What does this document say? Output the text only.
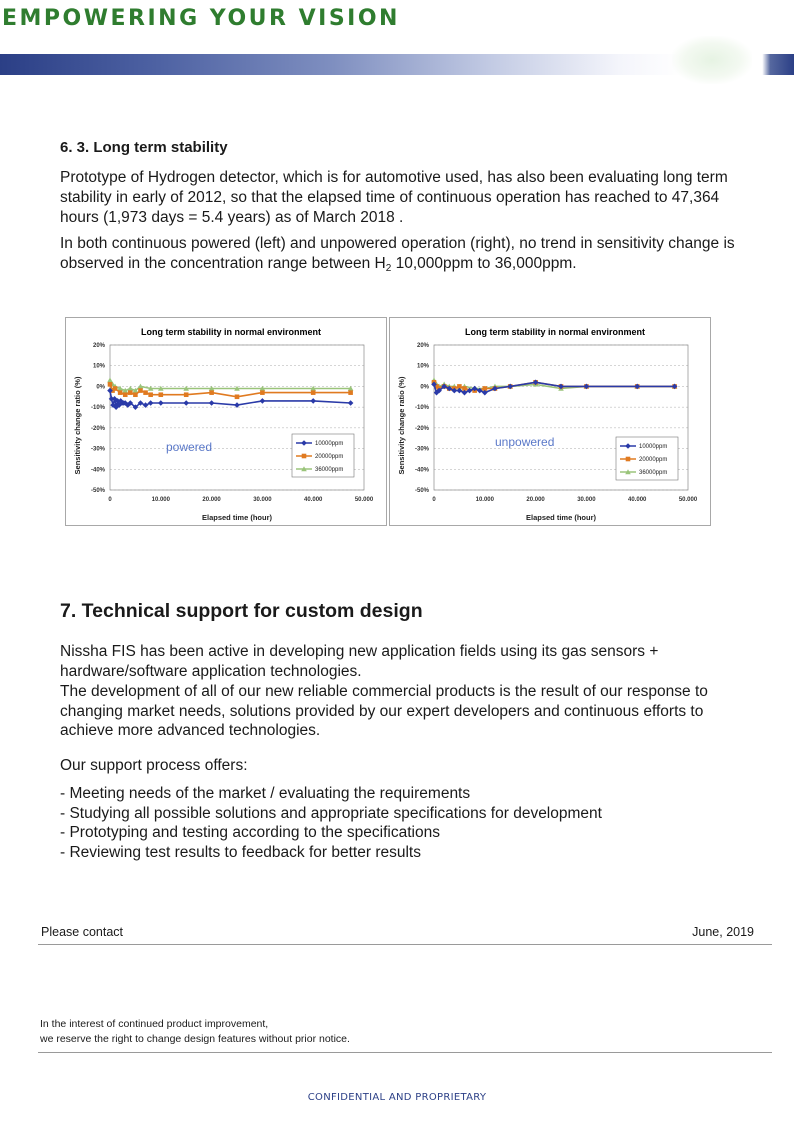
EMPOWERING YOUR VISION
6. 3. Long term stability

Prototype of Hydrogen detector, which is for automotive used, has also been evaluating long term stability in early of 2012, so that the elapsed time of continuous operation has reached to 47,364 hours (1,973 days = 5.4 years) as of March 2018 .

In both continuous powered (left) and unpowered operation (right), no trend in sensitivity change is observed in the concentration range between $H_2$ 10,000ppm to 36,000ppm.

Long term stability in normal environment
20%
10%
0%
-10%
-20%
-30%
-40%
-50%
0	10.000	20.000	30.000	40.000	50.000
Elapsed time (hour)
Sensitivity change ratio (%)	powered	10000ppm
20000ppm
36000ppm
Long term stability in normal environment
20%
10%
0%
-10%
-20%
-30%
-40%
-50%
0	10.000	20.000	30.000	40.000	50.000
Elapsed time (hour)
Sensitivity change ratio (%)	unpowered	10000ppm
20000ppm
36000ppm
7. Technical support for custom design

Nissha FIS has been active in developing new application fields using its gas sensors + hardware/software application technologies.

The development of all of our new reliable commercial products is the result of our response to changing market needs, solutions provided by our expert developers and continuous efforts to achieve more advanced technologies.

Our support process offers:

- Meeting needs of the market / evaluating the requirements
- Studying all possible solutions and appropriate specifications for development
- Prototyping and testing according to the specifications
- Reviewing test results to feedback for better results
Please contact	June, 2019
In the interest of continued product improvement,
we reserve the right to change design features without prior notice.
CONFIDENTIAL AND PROPRIETARY
